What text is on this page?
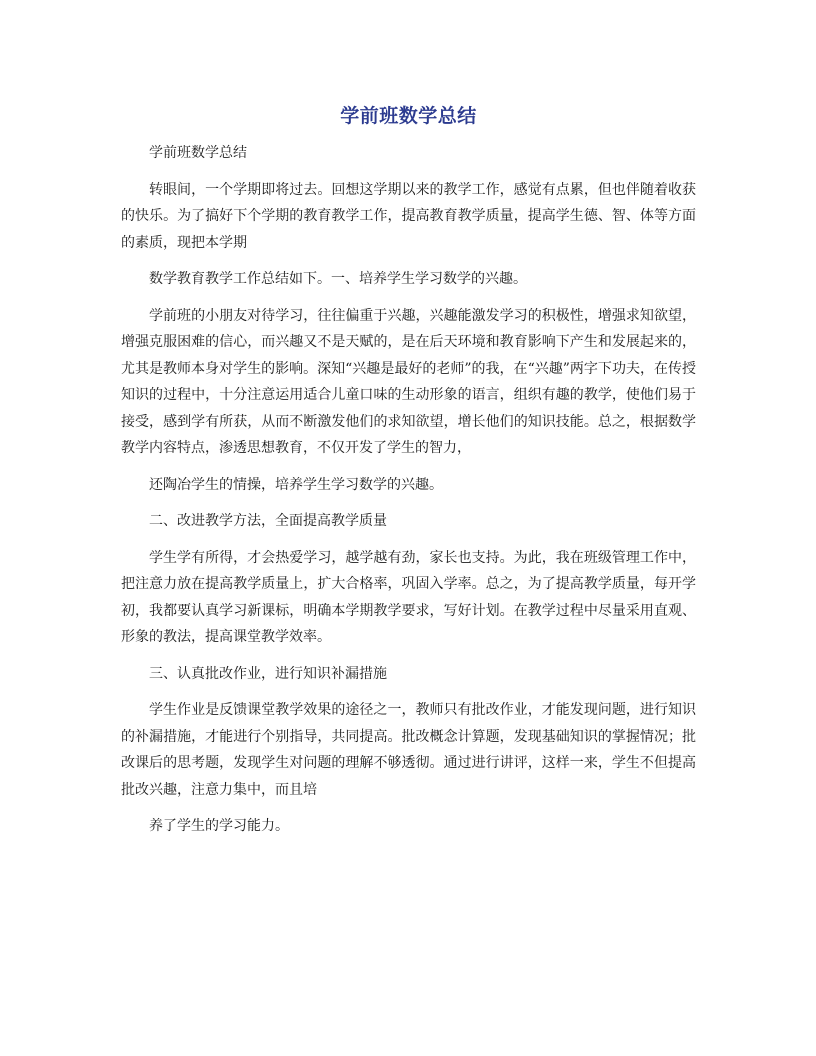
学前班数学总结

学前班数学总结

转眼间，一个学期即将过去。回想这学期以来的教学工作，感觉有点累，但也伴随着收获的快乐。为了搞好下个学期的教育教学工作，提高教育教学质量，提高学生德、智、体等方面的素质，现把本学期

数学教育教学工作总结如下。一、培养学生学习数学的兴趣。

学前班的小朋友对待学习，往往偏重于兴趣，兴趣能激发学习的积极性，增强求知欲望，增强克服困难的信心，而兴趣又不是天赋的，是在后天环境和教育影响下产生和发展起来的，尤其是教师本身对学生的影响。深知“兴趣是最好的老师”的我，在“兴趣”两字下功夫，在传授知识的过程中，十分注意运用适合儿童口味的生动形象的语言，组织有趣的教学，使他们易于接受，感到学有所获，从而不断激发他们的求知欲望，增长他们的知识技能。总之，根据数学教学内容特点，渗透思想教育，不仅开发了学生的智力，

还陶冶学生的情操，培养学生学习数学的兴趣。

二、改进教学方法，全面提高教学质量

学生学有所得，才会热爱学习，越学越有劲，家长也支持。为此，我在班级管理工作中，把注意力放在提高教学质量上，扩大合格率，巩固入学率。总之，为了提高教学质量，每开学初，我都要认真学习新课标，明确本学期教学要求，写好计划。在教学过程中尽量采用直观、形象的教法，提高课堂教学效率。

三、认真批改作业，进行知识补漏措施

学生作业是反馈课堂教学效果的途径之一，教师只有批改作业，才能发现问题，进行知识的补漏措施，才能进行个别指导，共同提高。批改概念计算题，发现基础知识的掌握情况；批改课后的思考题，发现学生对问题的理解不够透彻。通过进行讲评，这样一来，学生不但提高批改兴趣，注意力集中，而且培

养了学生的学习能力。
